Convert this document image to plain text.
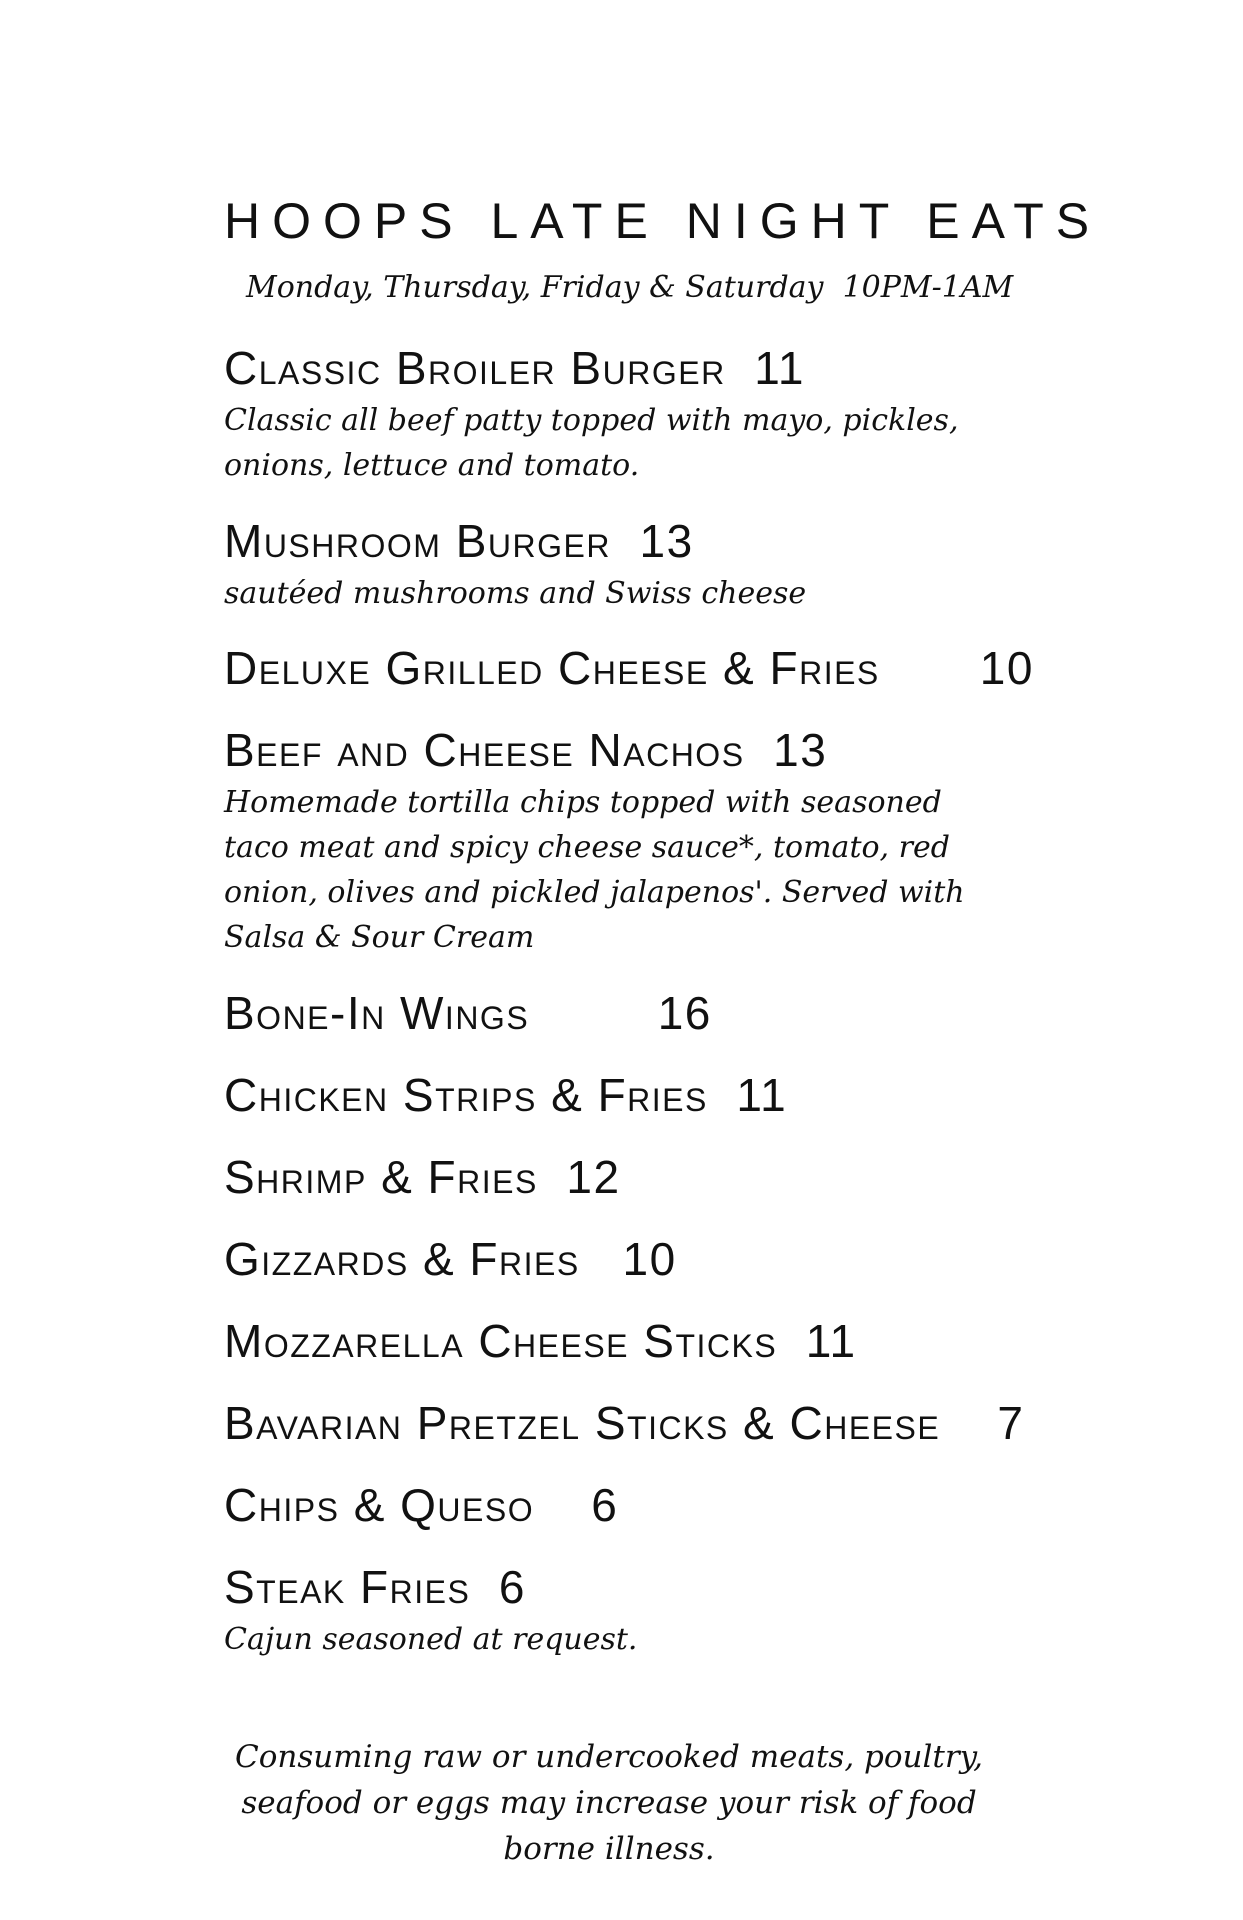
HOOPS LATE NIGHT EATS
Monday, Thursday, Friday & Saturday  10PM-1AM
Classic Broiler Burger 11
Classic all beef patty topped with mayo, pickles, onions, lettuce and tomato.
Mushroom Burger 13
sautéed mushrooms and Swiss cheese
Deluxe Grilled Cheese & Fries 10
Beef and Cheese Nachos 13
Homemade tortilla chips topped with seasoned taco meat and spicy cheese sauce*, tomato, red onion, olives and pickled jalapenos'. Served with Salsa & Sour Cream
Bone-In Wings	16
Chicken Strips & Fries 11
Shrimp & Fries 12
Gizzards & Fries 10
Mozzarella Cheese Sticks 11
Bavarian Pretzel Sticks & Cheese 7
Chips & Queso 6
Steak Fries 6
Cajun seasoned at request.
Consuming raw or undercooked meats, poultry, seafood or eggs may increase your risk of food borne illness.
